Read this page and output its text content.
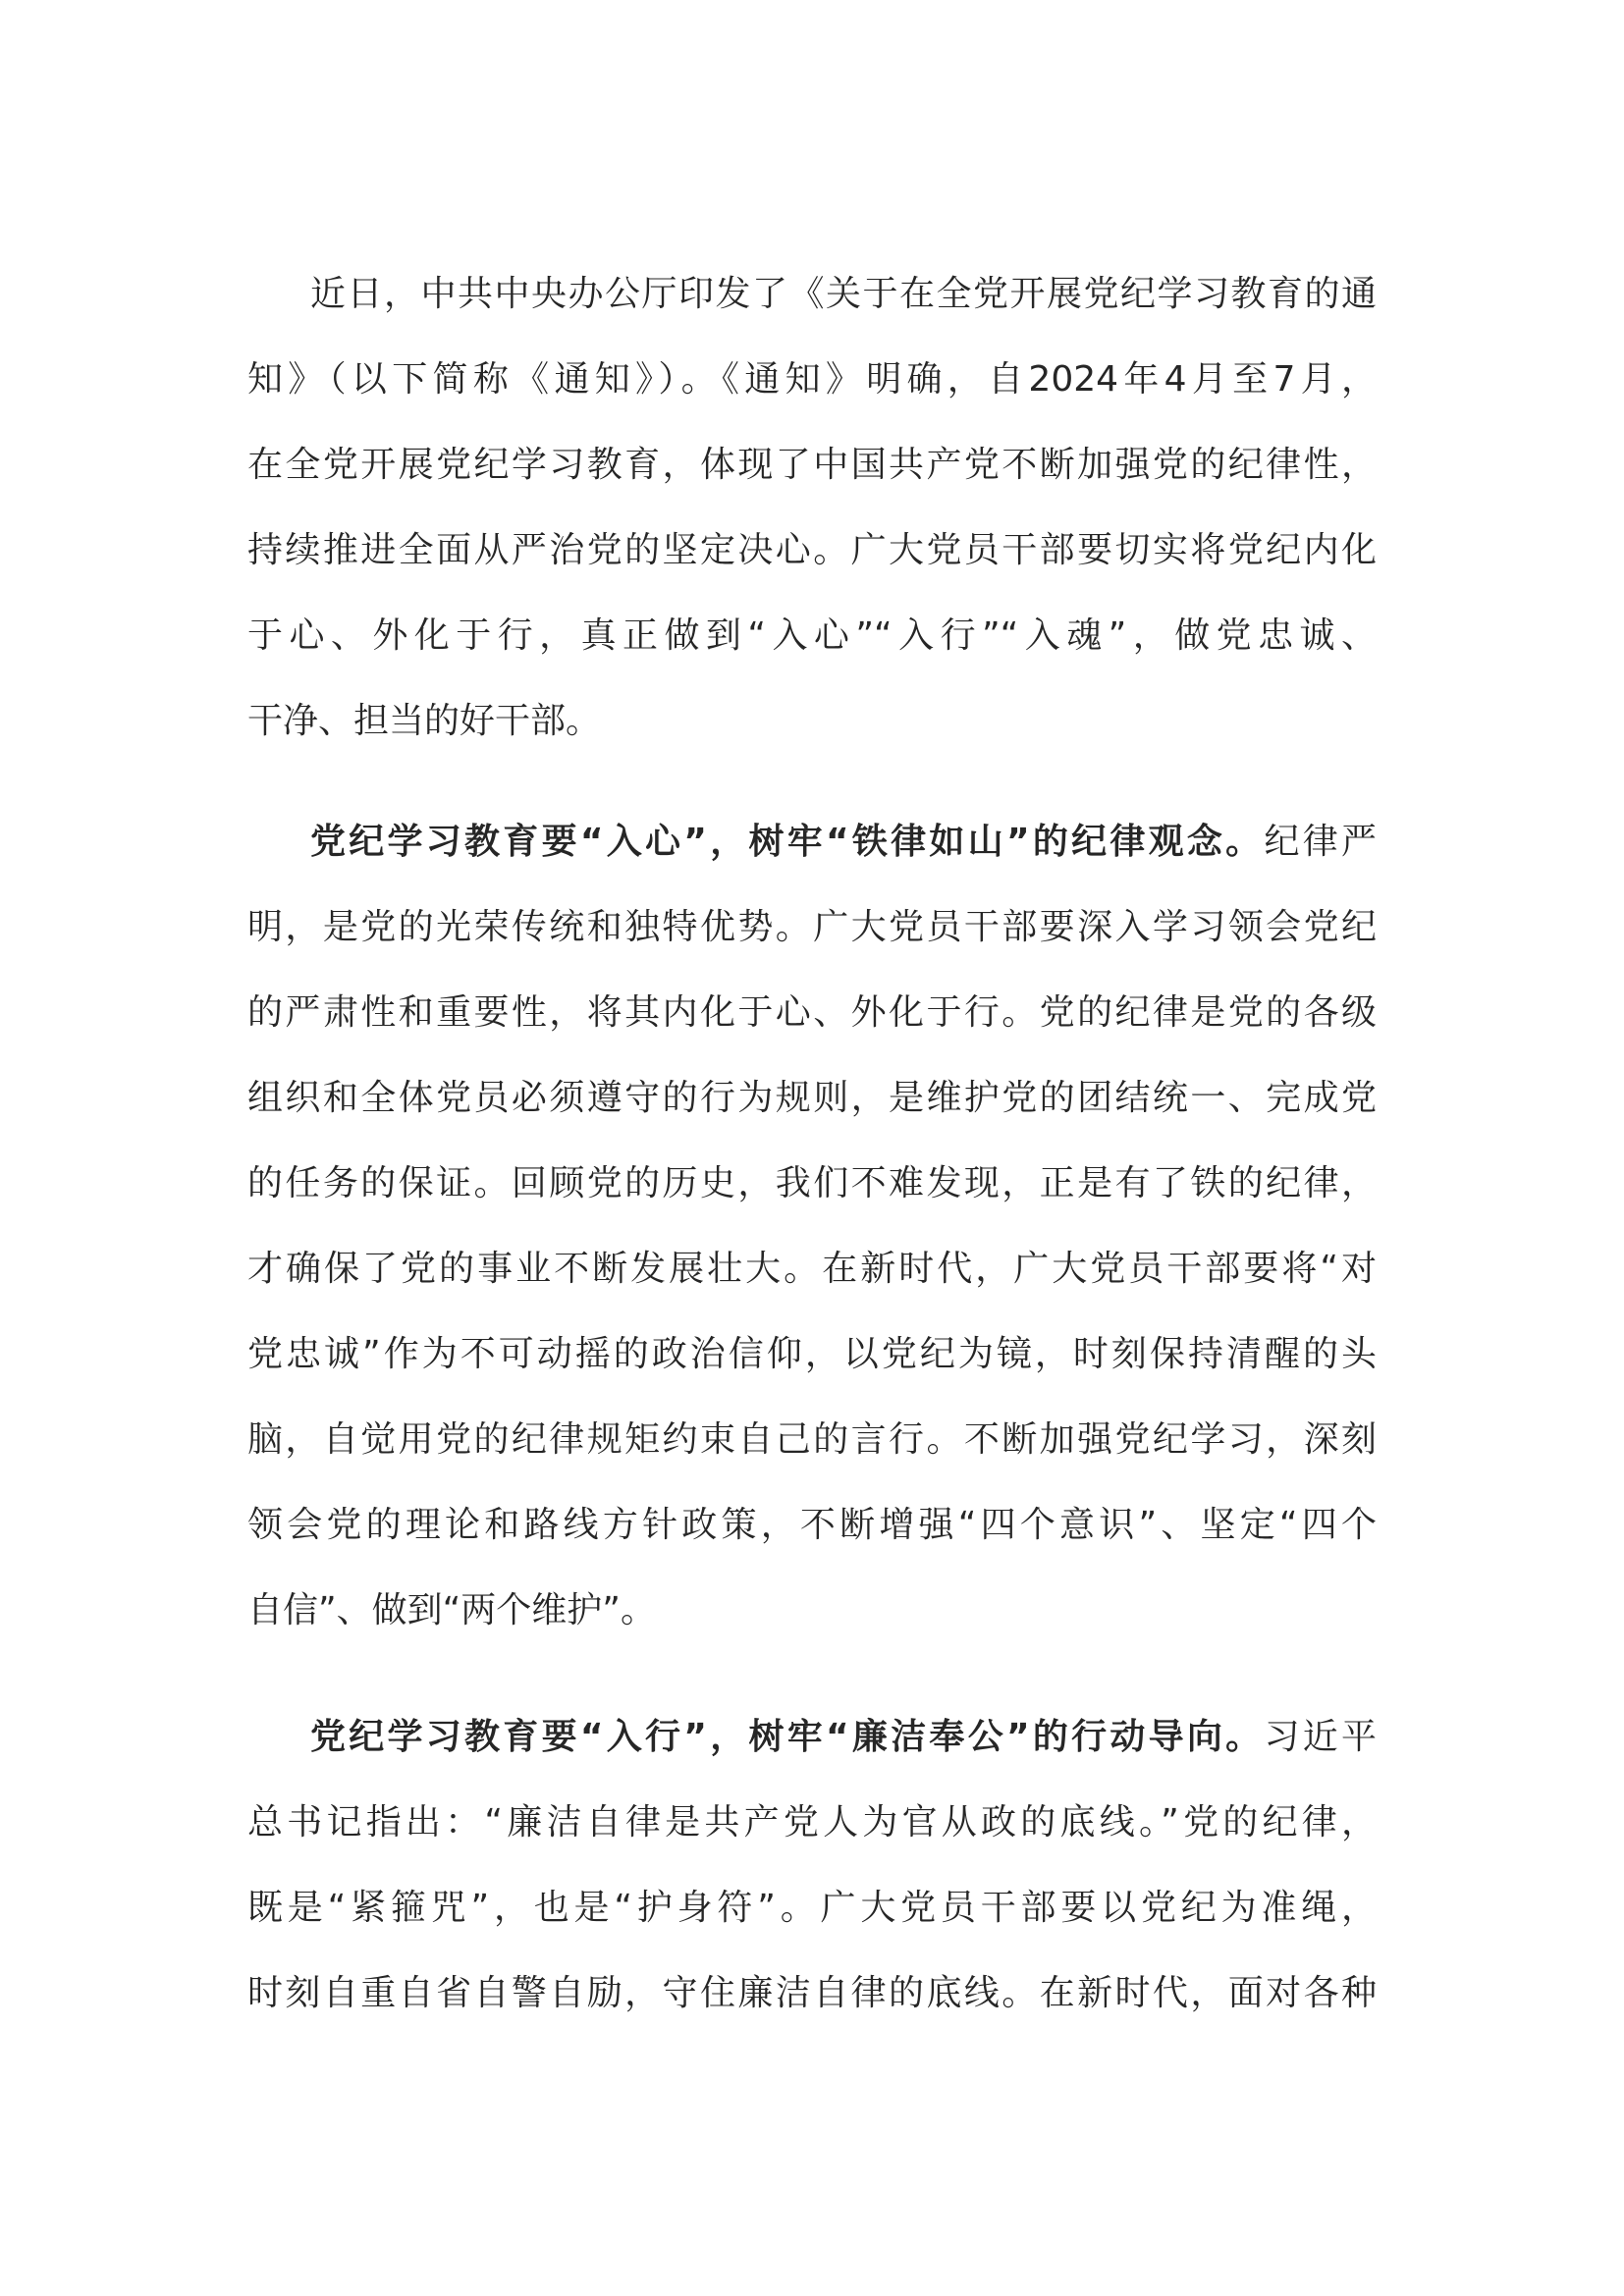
近日，中共中央办公厅印发了《关于在全党开展党纪学习教育的通
知》（以下简称《通知》）。《通知》明确，自2024年4月至7月，
在全党开展党纪学习教育，体现了中国共产党不断加强党的纪律性，
持续推进全面从严治党的坚定决心。广大党员干部要切实将党纪内化
于心、外化于行，真正做到“入心”“入行”“入魂”，做党忠诚、
干净、担当的好干部。
党纪学习教育要“入心”，树牢“铁律如山”的纪律观念。纪律严
明，是党的光荣传统和独特优势。广大党员干部要深入学习领会党纪
的严肃性和重要性，将其内化于心、外化于行。党的纪律是党的各级
组织和全体党员必须遵守的行为规则，是维护党的团结统一、完成党
的任务的保证。回顾党的历史，我们不难发现，正是有了铁的纪律，
才确保了党的事业不断发展壮大。在新时代，广大党员干部要将“对
党忠诚”作为不可动摇的政治信仰，以党纪为镜，时刻保持清醒的头
脑，自觉用党的纪律规矩约束自己的言行。不断加强党纪学习，深刻
领会党的理论和路线方针政策，不断增强“四个意识”、坚定“四个
自信”、做到“两个维护”。
党纪学习教育要“入行”，树牢“廉洁奉公”的行动导向。习近平
总书记指出：“廉洁自律是共产党人为官从政的底线。”党的纪律，
既是“紧箍咒”，也是“护身符”。广大党员干部要以党纪为准绳，
时刻自重自省自警自励，守住廉洁自律的底线。在新时代，面对各种
